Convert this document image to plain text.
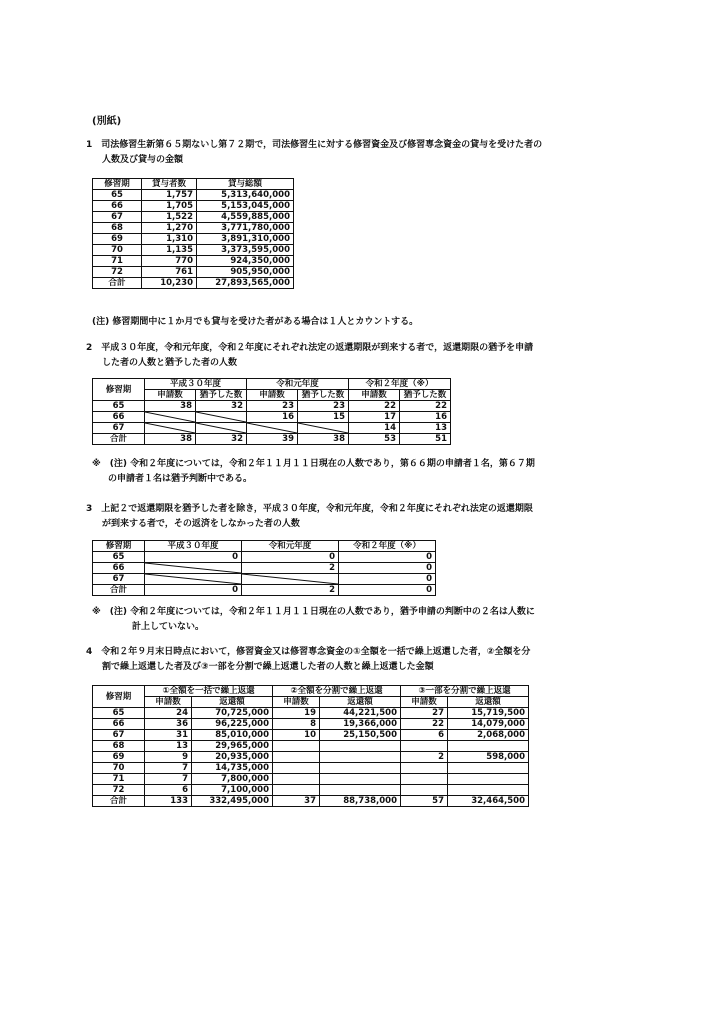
(別紙)
1　司法修習生新第６５期ないし第７２期で，司法修習生に対する修習資金及び修習専念資金の貸与を受けた者の
人数及び貸与の金額
修習期	貸与者数	貸与総額
65	1,757	5,313,640,000
66	1,705	5,153,045,000
67	1,522	4,559,885,000
68	1,270	3,771,780,000
69	1,310	3,891,310,000
70	1,135	3,373,595,000
71	770	924,350,000
72	761	905,950,000
合計	10,230	27,893,565,000
(注) 修習期間中に１か月でも貸与を受けた者がある場合は１人とカウントする。
2　平成３０年度，令和元年度，令和２年度にそれぞれ法定の返還期限が到来する者で，返還期限の猶予を申請
した者の人数と猶予した者の人数
修習期	平成３０年度		令和元年度		令和２年度（※）	
	申請数	猶予した数	申請数	猶予した数	申請数	猶予した数
65	38	32	23	23	22	22
66			16	15	17	16
67					14	13
合計	38	32	39	38	53	51
※　(注) 令和２年度については，令和２年１１月１１日現在の人数であり，第６６期の申請者１名，第６７期
の申請者１名は猶予判断中である。
3　上記２で返還期限を猶予した者を除き，平成３０年度，令和元年度，令和２年度にそれぞれ法定の返還期限
が到来する者で，その返済をしなかった者の人数
修習期	平成３０年度	令和元年度	令和２年度（※）
65	0	0	0
66		2	0
67			0
合計	0	2	0
※　(注) 令和２年度については，令和２年１１月１１日現在の人数であり，猶予申請の判断中の２名は人数に
計上していない。
4　令和２年９月末日時点において，修習資金又は修習専念資金の①全額を一括で繰上返還した者，②全額を分
割で繰上返還した者及び③一部を分割で繰上返還した者の人数と繰上返還した金額
修習期	①全額を一括で繰上返還		②全額を分割で繰上返還		③一部を分割で繰上返還	
	申請数	返還額	申請数	返還額	申請数	返還額
65	24	70,725,000	19	44,221,500	27	15,719,500
66	36	96,225,000	8	19,366,000	22	14,079,000
67	31	85,010,000	10	25,150,500	6	2,068,000
68	13	29,965,000				
69	9	20,935,000			2	598,000
70	7	14,735,000				
71	7	7,800,000				
72	6	7,100,000				
合計	133	332,495,000	37	88,738,000	57	32,464,500
